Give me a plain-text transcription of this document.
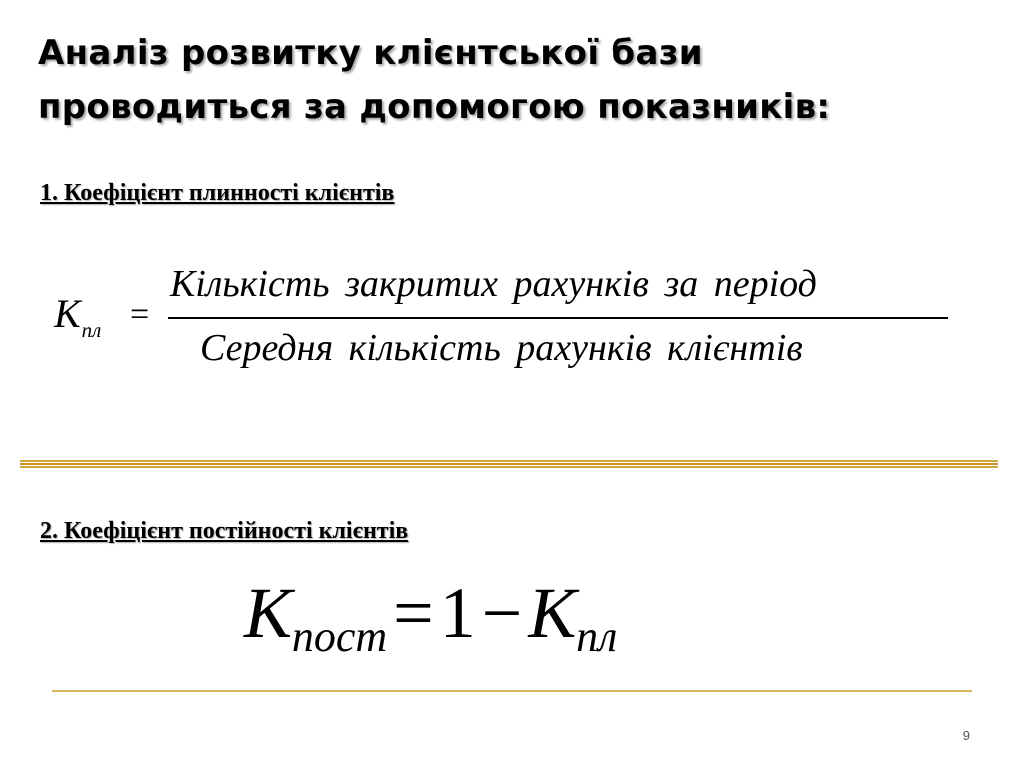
Аналіз розвитку клієнтської бази
проводиться за допомогою показників:
1. Коефіцієнт плинності клієнтів
$К_{пл}$ =
Кількість закритих рахунків за період
Середня кількість рахунків клієнтів
2. Коефіцієнт постійності клієнтів
Кпост=1−Кпл
9
